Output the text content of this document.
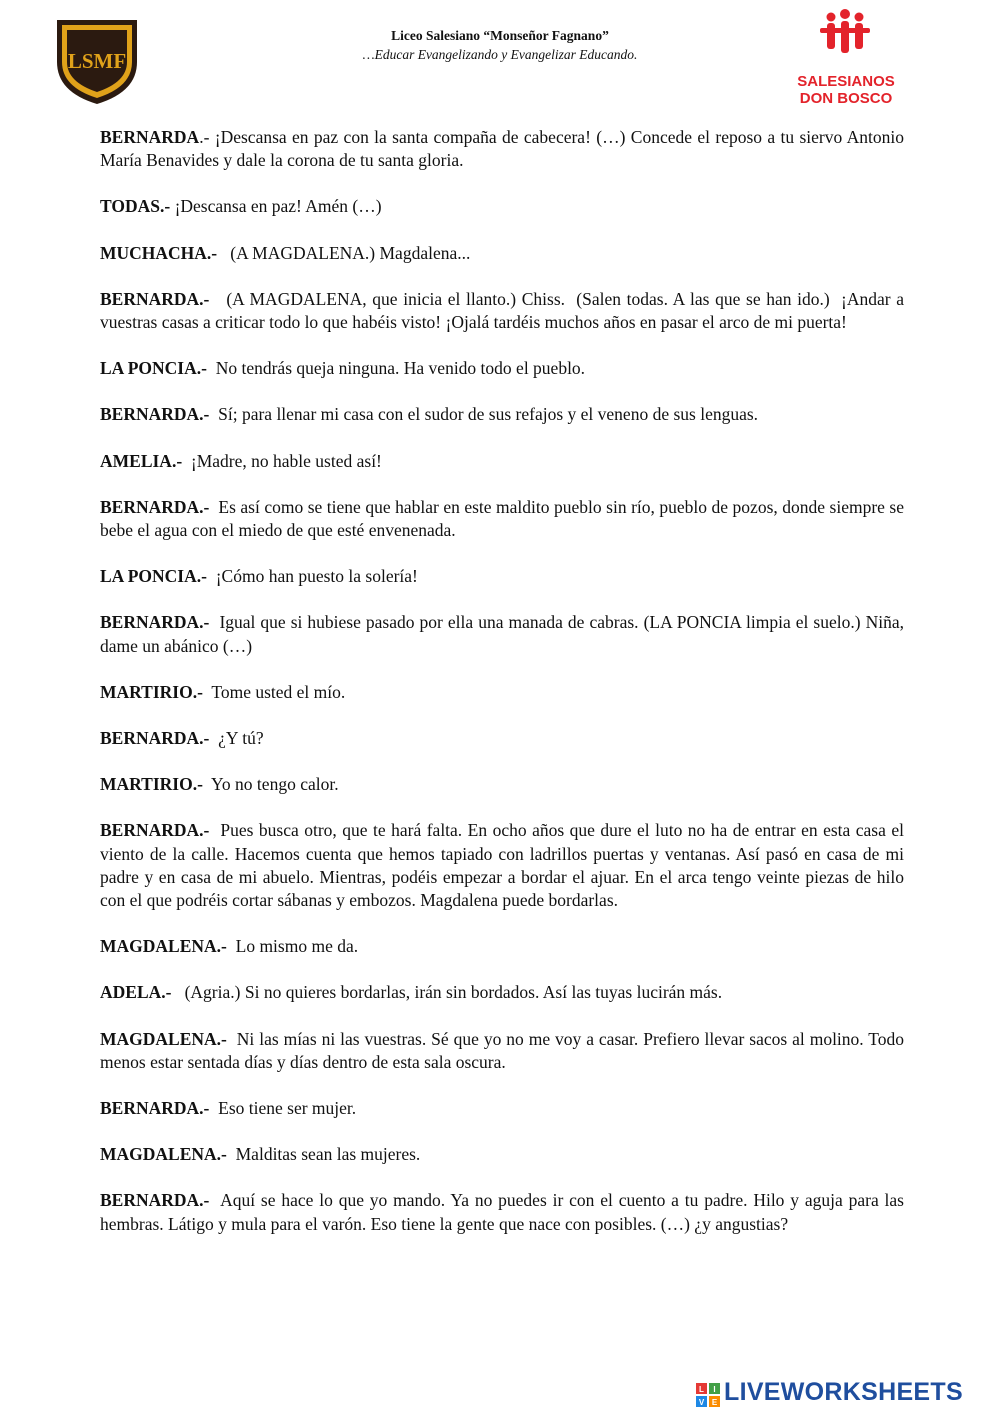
LSMF
Liceo Salesiano “Monseñor Fagnano”
…Educar Evangelizando y Evangelizar Educando.
SALESIANOS
DON BOSCO

BERNARDA.- ¡Descansa en paz con la santa compaña de cabecera! (…) Concede el reposo a tu siervo Antonio María Benavides y dale la corona de tu santa gloria.

TODAS.- ¡Descansa en paz! Amén (…)

MUCHACHA.- (A MAGDALENA.) Magdalena...

BERNARDA.- (A MAGDALENA, que inicia el llanto.) Chiss.  (Salen todas. A las que se han ido.)  ¡Andar a vuestras casas a criticar todo lo que habéis visto! ¡Ojalá tardéis muchos años en pasar el arco de mi puerta!

LA PONCIA.- No tendrás queja ninguna. Ha venido todo el pueblo.

BERNARDA.- Sí; para llenar mi casa con el sudor de sus refajos y el veneno de sus lenguas.

AMELIA.- ¡Madre, no hable usted así!

BERNARDA.- Es así como se tiene que hablar en este maldito pueblo sin río, pueblo de pozos, donde siempre se bebe el agua con el miedo de que esté envenenada.

LA PONCIA.- ¡Cómo han puesto la solería!

BERNARDA.- Igual que si hubiese pasado por ella una manada de cabras. (LA PONCIA limpia el suelo.) Niña, dame un abánico (…)

MARTIRIO.- Tome usted el mío.

BERNARDA.- ¿Y tú?

MARTIRIO.- Yo no tengo calor.

BERNARDA.- Pues busca otro, que te hará falta. En ocho años que dure el luto no ha de entrar en esta casa el viento de la calle. Hacemos cuenta que hemos tapiado con ladrillos puertas y ventanas. Así pasó en casa de mi padre y en casa de mi abuelo. Mientras, podéis empezar a bordar el ajuar. En el arca tengo veinte piezas de hilo con el que podréis cortar sábanas y embozos. Magdalena puede bordarlas.

MAGDALENA.- Lo mismo me da.

ADELA.- (Agria.) Si no quieres bordarlas, irán sin bordados. Así las tuyas lucirán más.

MAGDALENA.- Ni las mías ni las vuestras. Sé que yo no me voy a casar. Prefiero llevar sacos al molino. Todo menos estar sentada días y días dentro de esta sala oscura.

BERNARDA.- Eso tiene ser mujer.

MAGDALENA.- Malditas sean las mujeres.

BERNARDA.- Aquí se hace lo que yo mando. Ya no puedes ir con el cuento a tu padre. Hilo y aguja para las hembras. Látigo y mula para el varón. Eso tiene la gente que nace con posibles. (…) ¿y angustias?

L I
V E LIVEWORKSHEETS
